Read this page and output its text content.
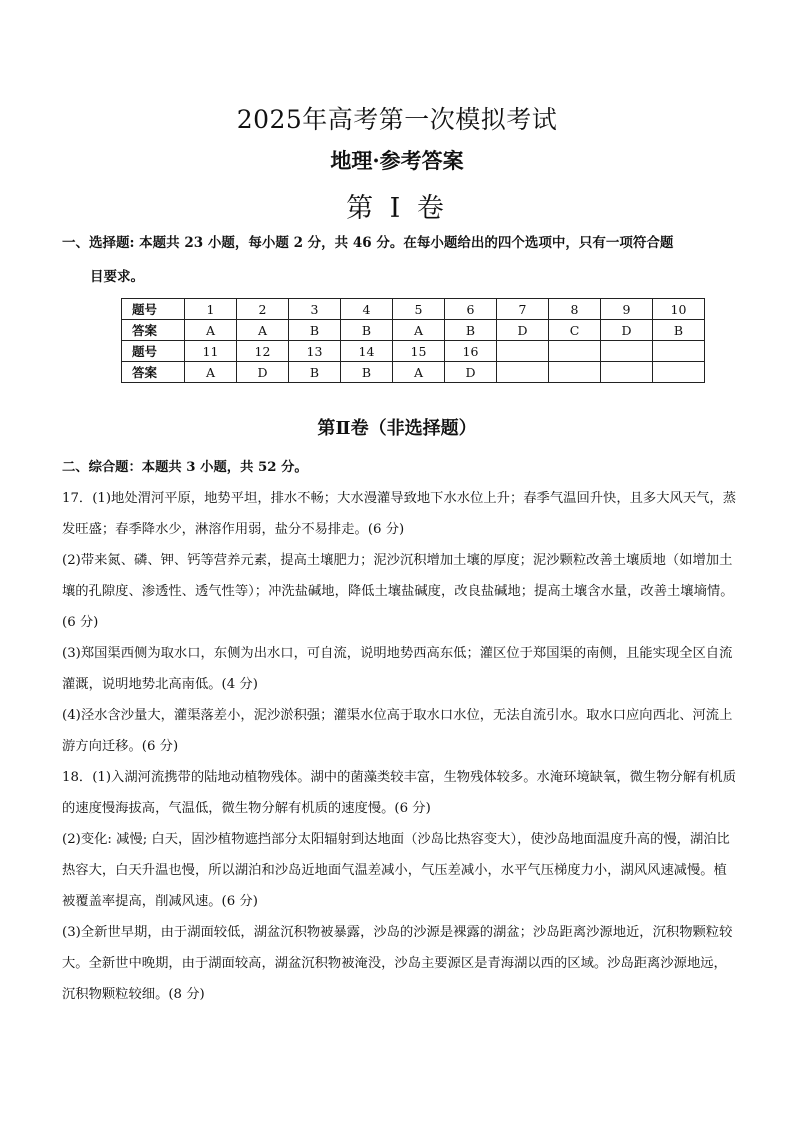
2025年高考第一次模拟考试
地理·参考答案
第 I 卷
一、选择题: 本题共 23 小题，每小题 2 分，共 46 分。在每小题给出的四个选项中，只有一项符合题
目要求。
题号	1	2	3	4	5	6	7	8	9	10
答案	A	A	B	B	A	B	D	C	D	B
题号	11	12	13	14	15	16				
答案	A	D	B	B	A	D				
第Ⅱ卷（非选择题）

二、综合题：本题共 3 小题，共 52 分。

17．(1)地处渭河平原，地势平坦，排水不畅；大水漫灌导致地下水水位上升；春季气温回升快，且多大风天气，蒸发旺盛；春季降水少，淋溶作用弱，盐分不易排走。(6 分)

(2)带来氮、磷、钾、钙等营养元素，提高土壤肥力；泥沙沉积增加土壤的厚度；泥沙颗粒改善土壤质地（如增加土壤的孔隙度、渗透性、透气性等）；冲洗盐碱地，降低土壤盐碱度，改良盐碱地；提高土壤含水量，改善土壤墒情。(6 分)

(3)郑国渠西侧为取水口，东侧为出水口，可自流，说明地势西高东低；灌区位于郑国渠的南侧，且能实现全区自流灌溉，说明地势北高南低。(4 分)

(4)泾水含沙量大，灌渠落差小，泥沙淤积强；灌渠水位高于取水口水位，无法自流引水。取水口应向西北、河流上游方向迁移。(6 分)

18．(1)入湖河流携带的陆地动植物残体。湖中的菌藻类较丰富，生物残体较多。水淹环境缺氧，微生物分解有机质的速度慢海拔高，气温低，微生物分解有机质的速度慢。(6 分)

(2)变化: 减慢; 白天，固沙植物遮挡部分太阳辐射到达地面（沙岛比热容变大），使沙岛地面温度升高的慢，湖泊比热容大，白天升温也慢，所以湖泊和沙岛近地面气温差减小，气压差减小，水平气压梯度力小，湖风风速减慢。植被覆盖率提高，削减风速。(6 分)

(3)全新世早期，由于湖面较低，湖盆沉积物被暴露，沙岛的沙源是裸露的湖盆；沙岛距离沙源地近，沉积物颗粒较大。全新世中晚期，由于湖面较高，湖盆沉积物被淹没，沙岛主要源区是青海湖以西的区域。沙岛距离沙源地远，沉积物颗粒较细。(8 分)
